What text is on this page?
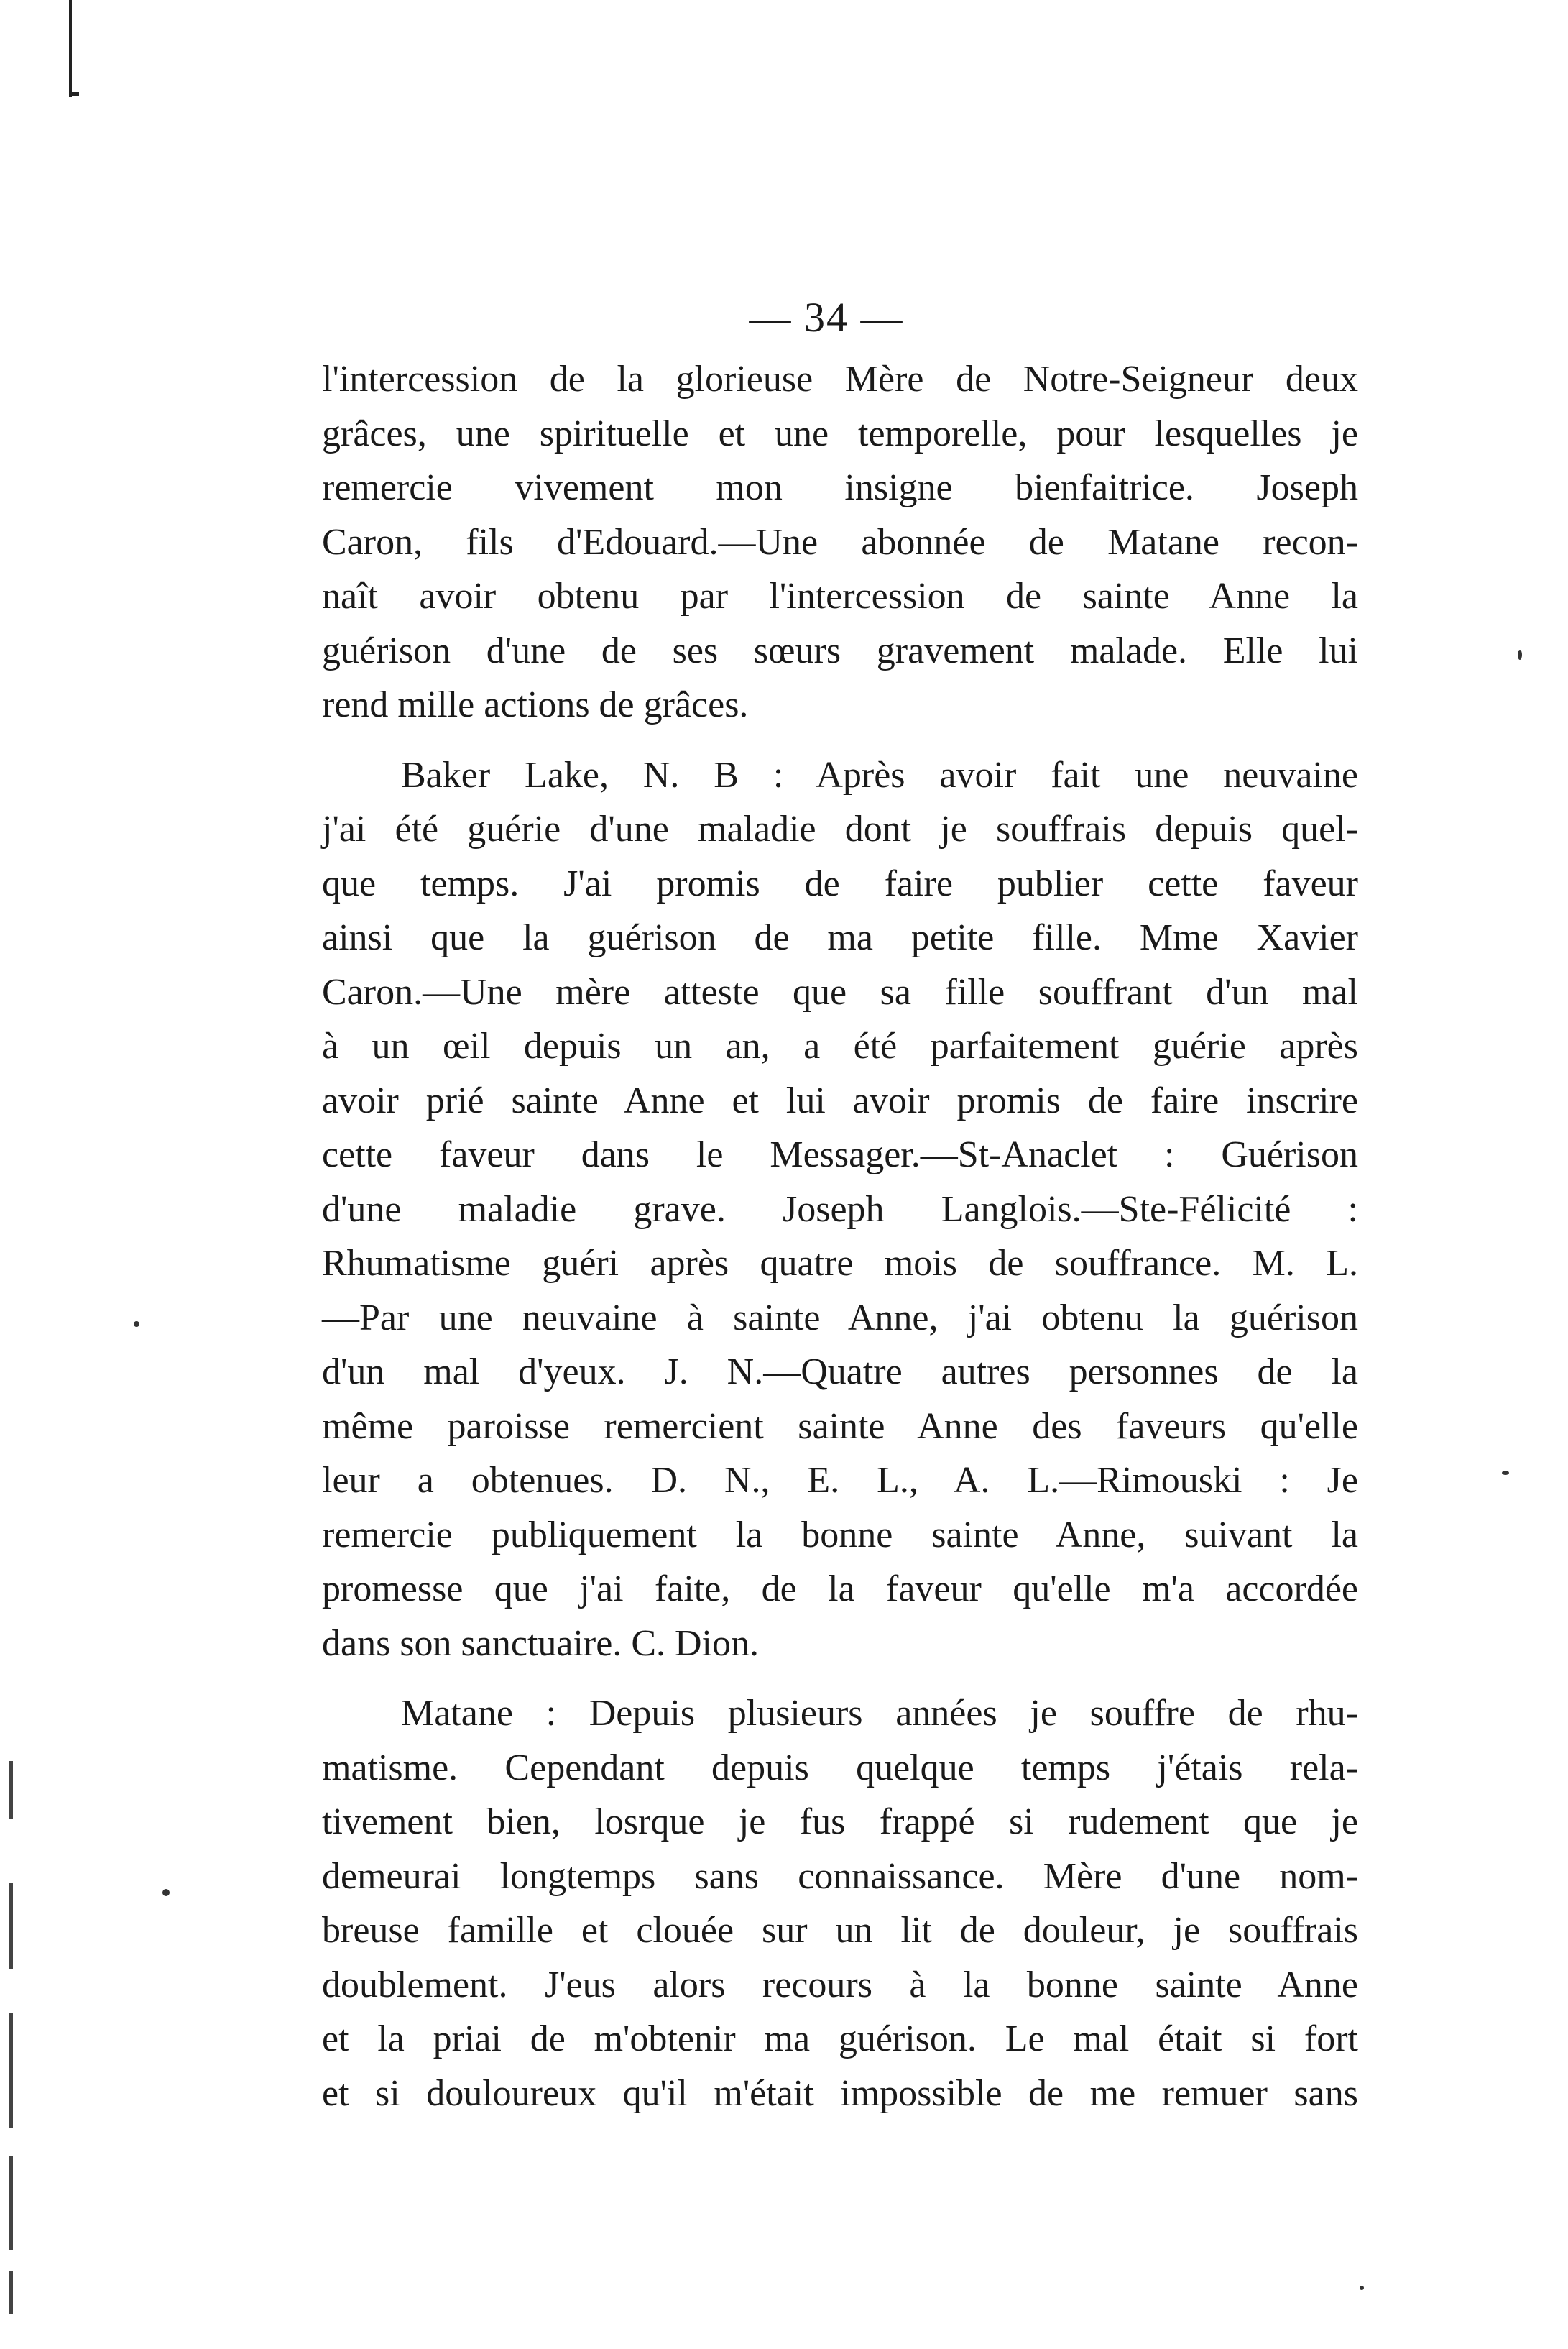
— 34 —
l'intercession de la glorieuse Mère de Notre-Seigneur deux
grâces, une spirituelle et une temporelle, pour lesquelles je
remercie vivement mon insigne bienfaitrice. Joseph
Caron, fils d'Edouard.—Une abonnée de Matane recon-
naît avoir obtenu par l'intercession de sainte Anne la
guérison d'une de ses sœurs gravement malade. Elle lui
rend mille actions de grâces.
Baker Lake, N. B : Après avoir fait une neuvaine
j'ai été guérie d'une maladie dont je souffrais depuis quel-
que temps. J'ai promis de faire publier cette faveur
ainsi que la guérison de ma petite fille. Mme Xavier
Caron.—Une mère atteste que sa fille souffrant d'un mal
à un œil depuis un an, a été parfaitement guérie après
avoir prié sainte Anne et lui avoir promis de faire inscrire
cette faveur dans le Messager.—St-Anaclet : Guérison
d'une maladie grave. Joseph Langlois.—Ste-Félicité :
Rhumatisme guéri après quatre mois de souffrance. M. L.
—Par une neuvaine à sainte Anne, j'ai obtenu la guérison
d'un mal d'yeux. J. N.—Quatre autres personnes de la
même paroisse remercient sainte Anne des faveurs qu'elle
leur a obtenues. D. N., E. L., A. L.—Rimouski : Je
remercie publiquement la bonne sainte Anne, suivant la
promesse que j'ai faite, de la faveur qu'elle m'a accordée
dans son sanctuaire. C. Dion.
Matane : Depuis plusieurs années je souffre de rhu-
matisme. Cependant depuis quelque temps j'étais rela-
tivement bien, losrque je fus frappé si rudement que je
demeurai longtemps sans connaissance. Mère d'une nom-
breuse famille et clouée sur un lit de douleur, je souffrais
doublement. J'eus alors recours à la bonne sainte Anne
et la priai de m'obtenir ma guérison. Le mal était si fort
et si douloureux qu'il m'était impossible de me remuer sans
